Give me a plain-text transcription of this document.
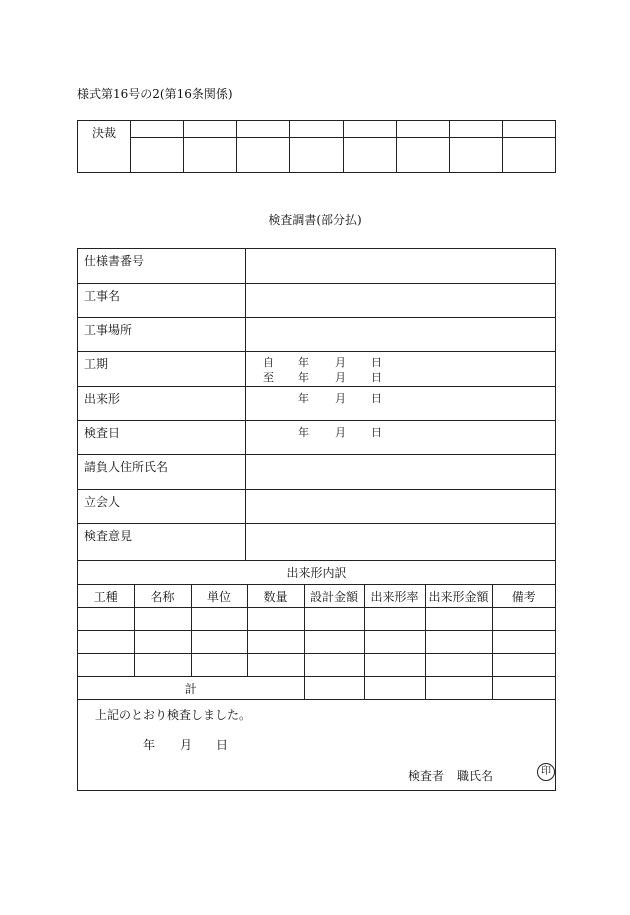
様式第16号の2(第16条関係)
決裁								

検査調書(部分払)
仕様書番号
工事名
工事場所
工期	自 年 月 日
至 年 月 日
出来形	年 月 日
検査日	年 月 日
請負人住所氏名
立会人
検査意見
出来形内訳
工種	名称	単位	数量	設計金額	出来形率	出来形金額	備考

計							
上記のとおり検査しました。
年 月 日
検査者 職氏名	印
